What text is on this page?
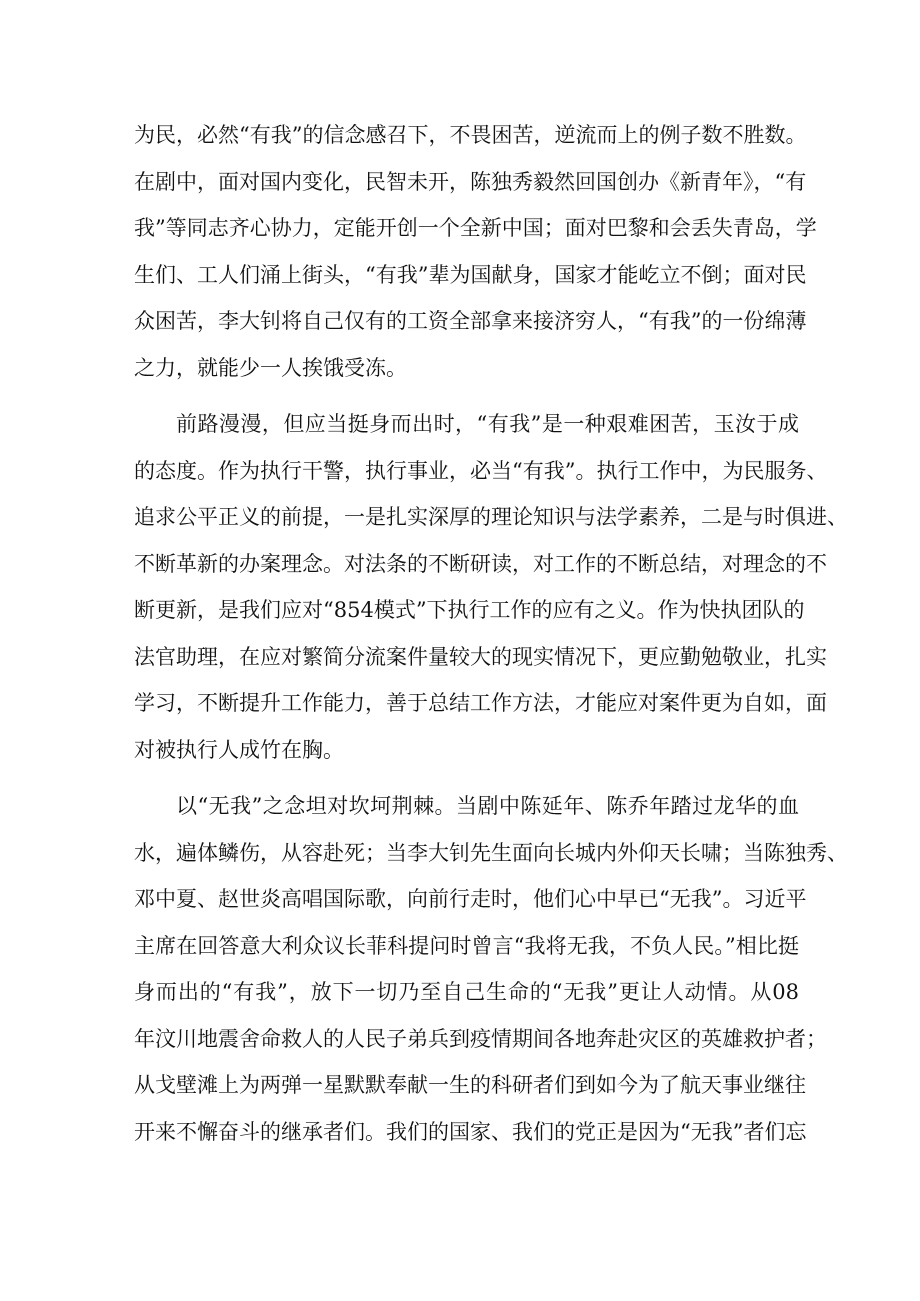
为民，必然“有我”的信念感召下，不畏困苦，逆流而上的例子数不胜数。
在剧中，面对国内变化，民智未开，陈独秀毅然回国创办《新青年》，“有
我”等同志齐心协力，定能开创一个全新中国；面对巴黎和会丢失青岛，学
生们、工人们涌上街头，“有我”辈为国献身，国家才能屹立不倒；面对民
众困苦，李大钊将自己仅有的工资全部拿来接济穷人，“有我”的一份绵薄
之力，就能少一人挨饿受冻。
前路漫漫，但应当挺身而出时，“有我”是一种艰难困苦，玉汝于成
的态度。作为执行干警，执行事业，必当“有我”。执行工作中，为民服务、
追求公平正义的前提，一是扎实深厚的理论知识与法学素养，二是与时俱进、
不断革新的办案理念。对法条的不断研读，对工作的不断总结，对理念的不
断更新，是我们应对“854模式”下执行工作的应有之义。作为快执团队的
法官助理，在应对繁简分流案件量较大的现实情况下，更应勤勉敬业，扎实
学习，不断提升工作能力，善于总结工作方法，才能应对案件更为自如，面
对被执行人成竹在胸。
以“无我”之念坦对坎坷荆棘。当剧中陈延年、陈乔年踏过龙华的血
水，遍体鳞伤，从容赴死；当李大钊先生面向长城内外仰天长啸；当陈独秀、
邓中夏、赵世炎高唱国际歌，向前行走时，他们心中早已“无我”。习近平
主席在回答意大利众议长菲科提问时曾言“我将无我，不负人民。”相比挺
身而出的“有我”，放下一切乃至自己生命的“无我”更让人动情。从08
年汶川地震舍命救人的人民子弟兵到疫情期间各地奔赴灾区的英雄救护者；
从戈壁滩上为两弹一星默默奉献一生的科研者们到如今为了航天事业继往
开来不懈奋斗的继承者们。我们的国家、我们的党正是因为“无我”者们忘
